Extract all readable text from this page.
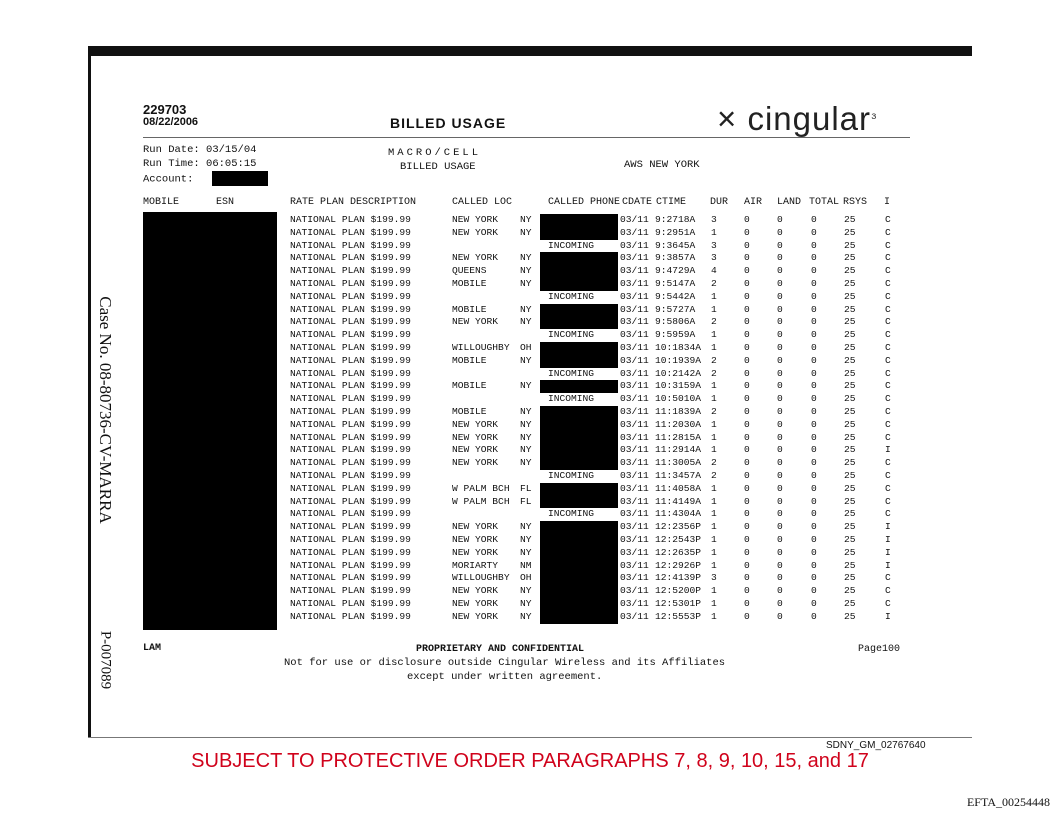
Case No. 08-80736-CV-MARRA
P-007089
229703
08/22/2006	BILLED USAGE	× cingular$^{_3}$
Run Date: 03/15/04
Run Time: 06:05:15
Account:
MACRO/CELL
BILLED USAGE	AWS NEW YORK
MOBILE	ESN	RATE PLAN DESCRIPTION	CALLED LOC	CALLED PHONE CDATE CTIME DUR AIR LAND TOTAL RSYS I
NATIONAL PLAN $199.99	NEW YORK NY	03/11 9:2718A 3	0	0	0	25	C
NATIONAL PLAN $199.99	NEW YORK NY	03/11 9:2951A 1	0	0	0	25	C
NATIONAL PLAN $199.99	INCOMING	03/11 9:3645A 3	0	0	0	25	C
NATIONAL PLAN $199.99	NEW YORK NY	03/11 9:3857A 3	0	0	0	25	C
NATIONAL PLAN $199.99	QUEENS	NY	03/11 9:4729A 4	0	0	0	25	C
NATIONAL PLAN $199.99	MOBILE	NY	03/11 9:5147A 2	0	0	0	25	C
NATIONAL PLAN $199.99	INCOMING	03/11 9:5442A 1	0	0	0	25	C
NATIONAL PLAN $199.99	MOBILE	NY	03/11 9:5727A 1	0	0	0	25	C
NATIONAL PLAN $199.99	NEW YORK NY	03/11 9:5806A 2	0	0	0	25	C
NATIONAL PLAN $199.99	INCOMING	03/11 9:5959A 1	0	0	0	25	C
NATIONAL PLAN $199.99	WILLOUGHBY OH	03/11 10:1834A 1	0	0	0	25	C
NATIONAL PLAN $199.99	MOBILE	NY	03/11 10:1939A 2	0	0	0	25	C
NATIONAL PLAN $199.99	INCOMING	03/11 10:2142A 2	0	0	0	25	C
NATIONAL PLAN $199.99	MOBILE	NY	03/11 10:3159A 1	0	0	0	25	C
NATIONAL PLAN $199.99	INCOMING	03/11 10:5010A 1	0	0	0	25	C
NATIONAL PLAN $199.99	MOBILE	NY	03/11 11:1839A 2	0	0	0	25	C
NATIONAL PLAN $199.99	NEW YORK NY	03/11 11:2030A 1	0	0	0	25	C
NATIONAL PLAN $199.99	NEW YORK NY	03/11 11:2815A 1	0	0	0	25	C
NATIONAL PLAN $199.99	NEW YORK NY	03/11 11:2914A 1	0	0	0	25	I
NATIONAL PLAN $199.99	NEW YORK NY	03/11 11:3005A 2	0	0	0	25	C
NATIONAL PLAN $199.99	INCOMING	03/11 11:3457A 2	0	0	0	25	C
NATIONAL PLAN $199.99	W PALM BCH FL	03/11 11:4058A 1	0	0	0	25	C
NATIONAL PLAN $199.99	W PALM BCH FL	03/11 11:4149A 1	0	0	0	25	C
NATIONAL PLAN $199.99	INCOMING	03/11 11:4304A 1	0	0	0	25	C
NATIONAL PLAN $199.99	NEW YORK NY	03/11 12:2356P 1	0	0	0	25	I
NATIONAL PLAN $199.99	NEW YORK NY	03/11 12:2543P 1	0	0	0	25	I
NATIONAL PLAN $199.99	NEW YORK NY	03/11 12:2635P 1	0	0	0	25	I
NATIONAL PLAN $199.99	MORIARTY NM	03/11 12:2926P 1	0	0	0	25	I
NATIONAL PLAN $199.99	WILLOUGHBY OH	03/11 12:4139P 3	0	0	0	25	C
NATIONAL PLAN $199.99	NEW YORK NY	03/11 12:5200P 1	0	0	0	25	C
NATIONAL PLAN $199.99	NEW YORK NY	03/11 12:5301P 1	0	0	0	25	C
NATIONAL PLAN $199.99	NEW YORK NY	03/11 12:5553P 1	0	0	0	25	I
LAM	PROPRIETARY AND CONFIDENTIAL	Page100
Not for use or disclosure outside Cingular Wireless and its Affiliates
except under written agreement.
SDNY_GM_02767640
SUBJECT TO PROTECTIVE ORDER PARAGRAPHS 7, 8, 9, 10, 15, and 17
EFTA_00254448
